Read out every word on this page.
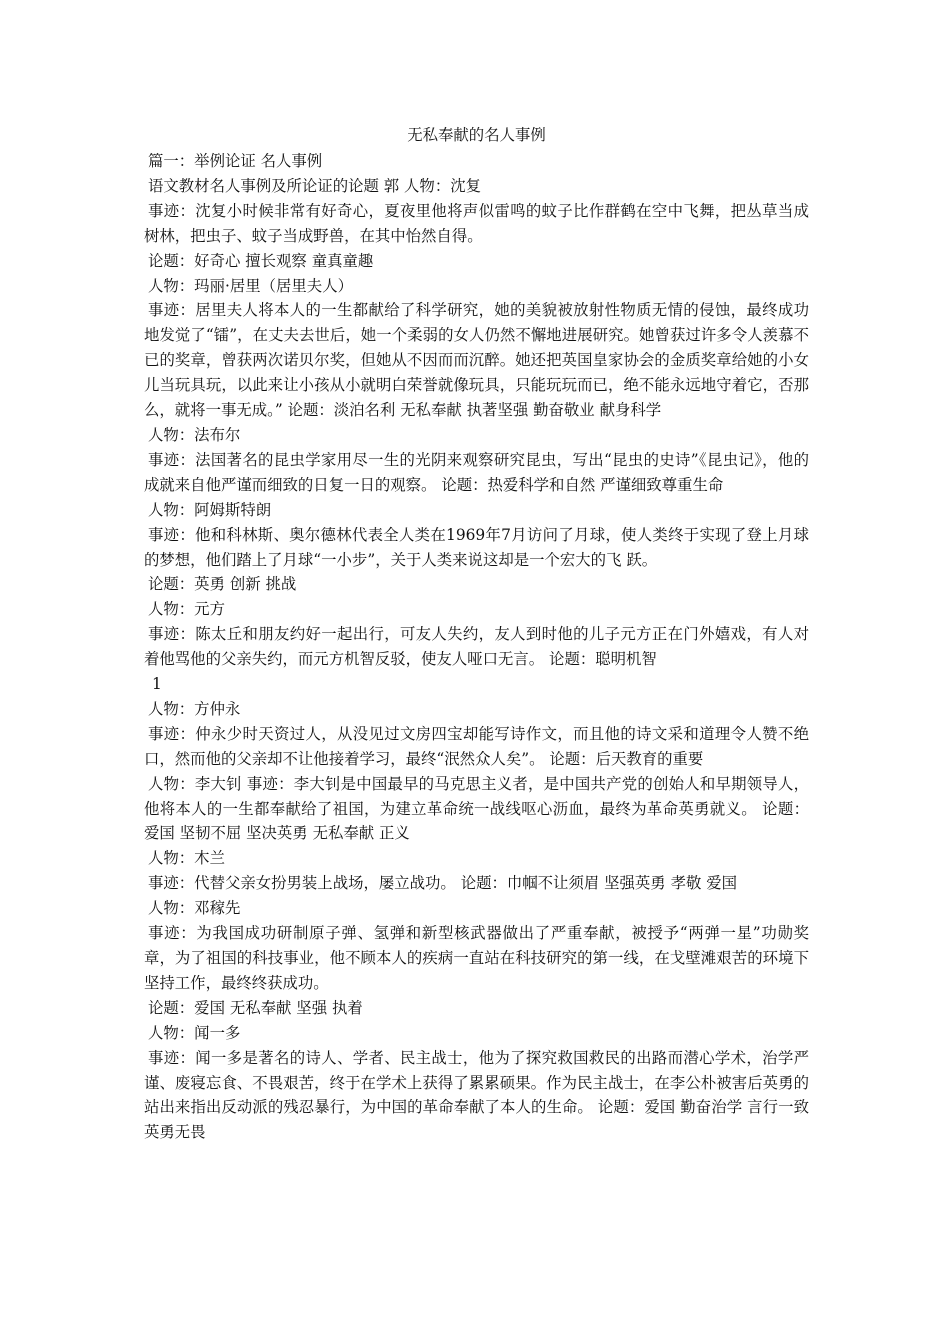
无私奉献的名人事例

篇一：举例论证 名人事例

语文教材名人事例及所论证的论题 郭 人物：沈复

事迹：沈复小时候非常有好奇心，夏夜里他将声似雷鸣的蚊子比作群鹤在空中飞舞，把丛草当成树林，把虫子、蚊子当成野兽，在其中怡然自得。

论题：好奇心 擅长观察 童真童趣

人物：玛丽·居里（居里夫人）

事迹：居里夫人将本人的一生都献给了科学研究，她的美貌被放射性物质无情的侵蚀，最终成功地发觉了“镭”，在丈夫去世后，她一个柔弱的女人仍然不懈地进展研究。她曾获过许多令人羡慕不已的奖章，曾获两次诺贝尔奖，但她从不因而而沉醉。她还把英国皇家协会的金质奖章给她的小女儿当玩具玩，以此来让小孩从小就明白荣誉就像玩具，只能玩玩而已，绝不能永远地守着它，否那么，就将一事无成。” 论题：淡泊名利 无私奉献 执著坚强 勤奋敬业 献身科学

人物：法布尔

事迹：法国著名的昆虫学家用尽一生的光阴来观察研究昆虫，写出“昆虫的史诗”《昆虫记》，他的成就来自他严谨而细致的日复一日的观察。 论题：热爱科学和自然 严谨细致尊重生命

人物：阿姆斯特朗

事迹：他和科林斯、奥尔德林代表全人类在1969年7月访问了月球，使人类终于实现了登上月球的梦想，他们踏上了月球“一小步”，关于人类来说这却是一个宏大的飞 跃。

论题：英勇 创新 挑战

人物：元方

事迹：陈太丘和朋友约好一起出行，可友人失约，友人到时他的儿子元方正在门外嬉戏，有人对着他骂他的父亲失约，而元方机智反驳，使友人哑口无言。 论题：聪明机智

1

人物：方仲永

事迹：仲永少时天资过人，从没见过文房四宝却能写诗作文，而且他的诗文采和道理令人赞不绝口，然而他的父亲却不让他接着学习，最终“泯然众人矣”。 论题：后天教育的重要

人物：李大钊 事迹：李大钊是中国最早的马克思主义者，是中国共产党的创始人和早期领导人，他将本人的一生都奉献给了祖国，为建立革命统一战线呕心沥血，最终为革命英勇就义。 论题：爱国 坚韧不屈 坚决英勇 无私奉献 正义

人物：木兰

事迹：代替父亲女扮男装上战场，屡立战功。 论题：巾帼不让须眉 坚强英勇 孝敬 爱国

人物：邓稼先

事迹：为我国成功研制原子弹、氢弹和新型核武器做出了严重奉献，被授予“两弹一星”功勋奖章，为了祖国的科技事业，他不顾本人的疾病一直站在科技研究的第一线，在戈壁滩艰苦的环境下坚持工作，最终终获成功。

论题：爱国 无私奉献 坚强 执着

人物：闻一多

事迹：闻一多是著名的诗人、学者、民主战士，他为了探究救国救民的出路而潜心学术，治学严谨、废寝忘食、不畏艰苦，终于在学术上获得了累累硕果。作为民主战士，在李公朴被害后英勇的站出来指出反动派的残忍暴行，为中国的革命奉献了本人的生命。 论题：爱国 勤奋治学 言行一致 英勇无畏
